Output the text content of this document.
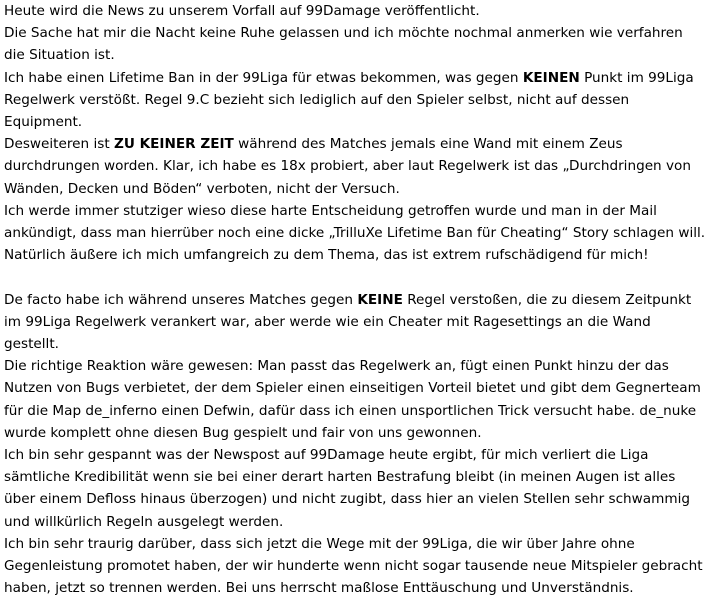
Heute wird die News zu unserem Vorfall auf 99Damage veröffentlicht.

Die Sache hat mir die Nacht keine Ruhe gelassen und ich möchte nochmal anmerken wie verfahren die Situation ist.

Ich habe einen Lifetime Ban in der 99Liga für etwas bekommen, was gegen KEINEN Punkt im 99Liga Regelwerk verstößt. Regel 9.C bezieht sich lediglich auf den Spieler selbst, nicht auf dessen Equipment.

Desweiteren ist ZU KEINER ZEIT während des Matches jemals eine Wand mit einem Zeus durchdrungen worden. Klar, ich habe es 18x probiert, aber laut Regelwerk ist das „Durchdringen von Wänden, Decken und Böden“ verboten, nicht der Versuch.

Ich werde immer stutziger wieso diese harte Entscheidung getroffen wurde und man in der Mail ankündigt, dass man hierrüber noch eine dicke „TrilluXe Lifetime Ban für Cheating“ Story schlagen will. Natürlich äußere ich mich umfangreich zu dem Thema, das ist extrem rufschädigend für mich!

De facto habe ich während unseres Matches gegen KEINE Regel verstoßen, die zu diesem Zeitpunkt im 99Liga Regelwerk verankert war, aber werde wie ein Cheater mit Ragesettings an die Wand gestellt.

Die richtige Reaktion wäre gewesen: Man passt das Regelwerk an, fügt einen Punkt hinzu der das Nutzen von Bugs verbietet, der dem Spieler einen einseitigen Vorteil bietet und gibt dem Gegnerteam für die Map de_inferno einen Defwin, dafür dass ich einen unsportlichen Trick versucht habe. de_nuke wurde komplett ohne diesen Bug gespielt und fair von uns gewonnen.

Ich bin sehr gespannt was der Newspost auf 99Damage heute ergibt, für mich verliert die Liga sämtliche Kredibilität wenn sie bei einer derart harten Bestrafung bleibt (in meinen Augen ist alles über einem Defloss hinaus überzogen) und nicht zugibt, dass hier an vielen Stellen sehr schwammig und willkürlich Regeln ausgelegt werden.

Ich bin sehr traurig darüber, dass sich jetzt die Wege mit der 99Liga, die wir über Jahre ohne Gegenleistung promotet haben, der wir hunderte wenn nicht sogar tausende neue Mitspieler gebracht haben, jetzt so trennen werden. Bei uns herrscht maßlose Enttäuschung und Unverständnis.
